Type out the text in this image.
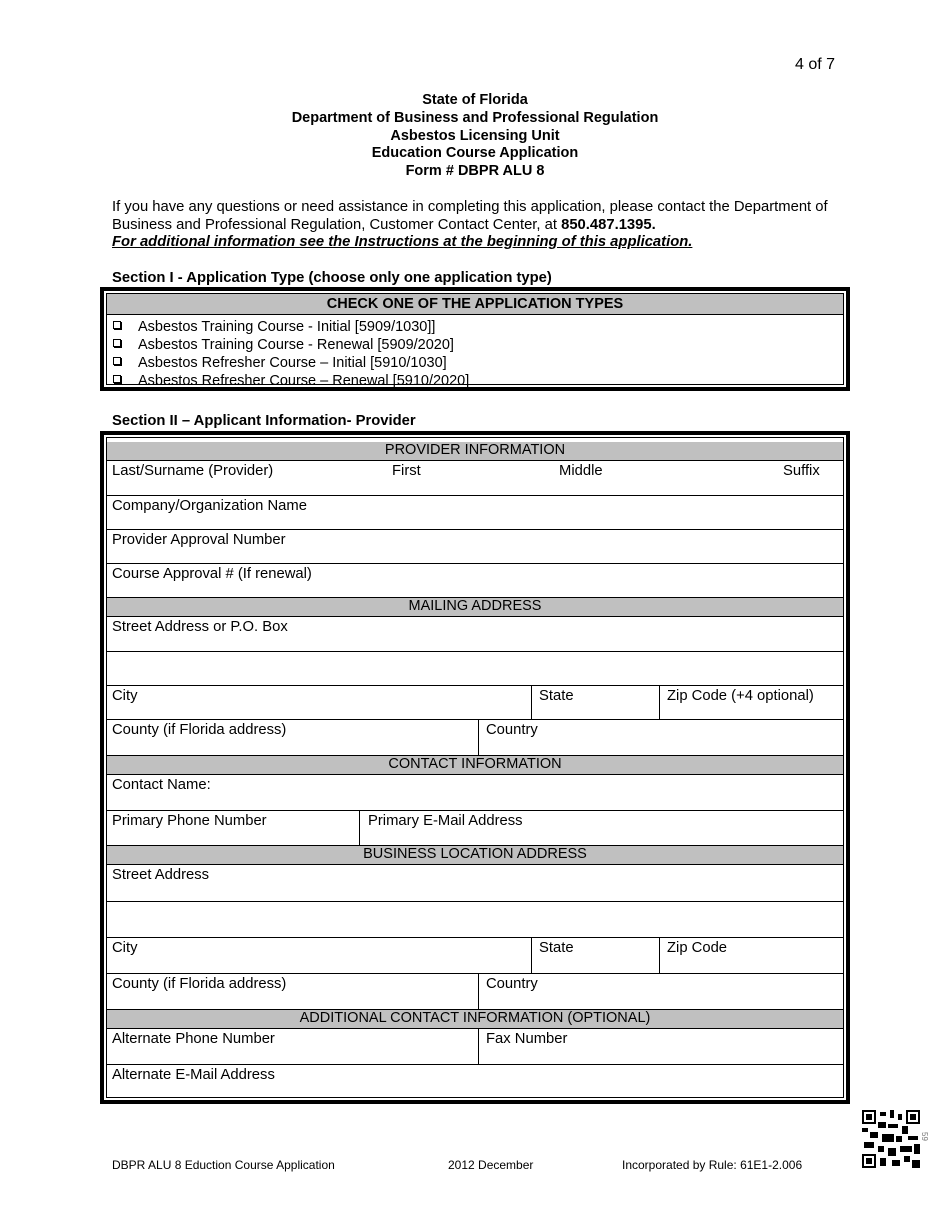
4 of 7
State of Florida
Department of Business and Professional Regulation
Asbestos Licensing Unit
Education Course Application
Form # DBPR ALU 8
If you have any questions or need assistance in completing this application, please contact the Department of Business and Professional Regulation, Customer Contact Center, at 850.487.1395.
For additional information see the Instructions at the beginning of this application.
Section I - Application Type (choose only one application type)
CHECK ONE OF THE APPLICATION TYPES
Asbestos Training Course - Initial [5909/1030]]
Asbestos Training Course - Renewal [5909/2020]
Asbestos Refresher Course – Initial [5910/1030]
Asbestos Refresher Course – Renewal [5910/2020]
Section II – Applicant Information- Provider
PROVIDER INFORMATION
Last/Surname (Provider)	First	Middle	Suffix
Company/Organization Name
Provider Approval Number
Course Approval # (If renewal)
MAILING ADDRESS
Street Address or P.O. Box
City	State	Zip Code (+4 optional)
County (if Florida address)	Country
CONTACT INFORMATION
Contact Name:
Primary Phone Number	Primary E-Mail Address
BUSINESS LOCATION ADDRESS
Street Address
City	State	Zip Code
County (if Florida address)	Country
ADDITIONAL CONTACT INFORMATION (OPTIONAL)
Alternate Phone Number	Fax Number
Alternate E-Mail Address
DBPR ALU 8 Eduction Course Application	2012 December	Incorporated by Rule: 61E1-2.006
59
